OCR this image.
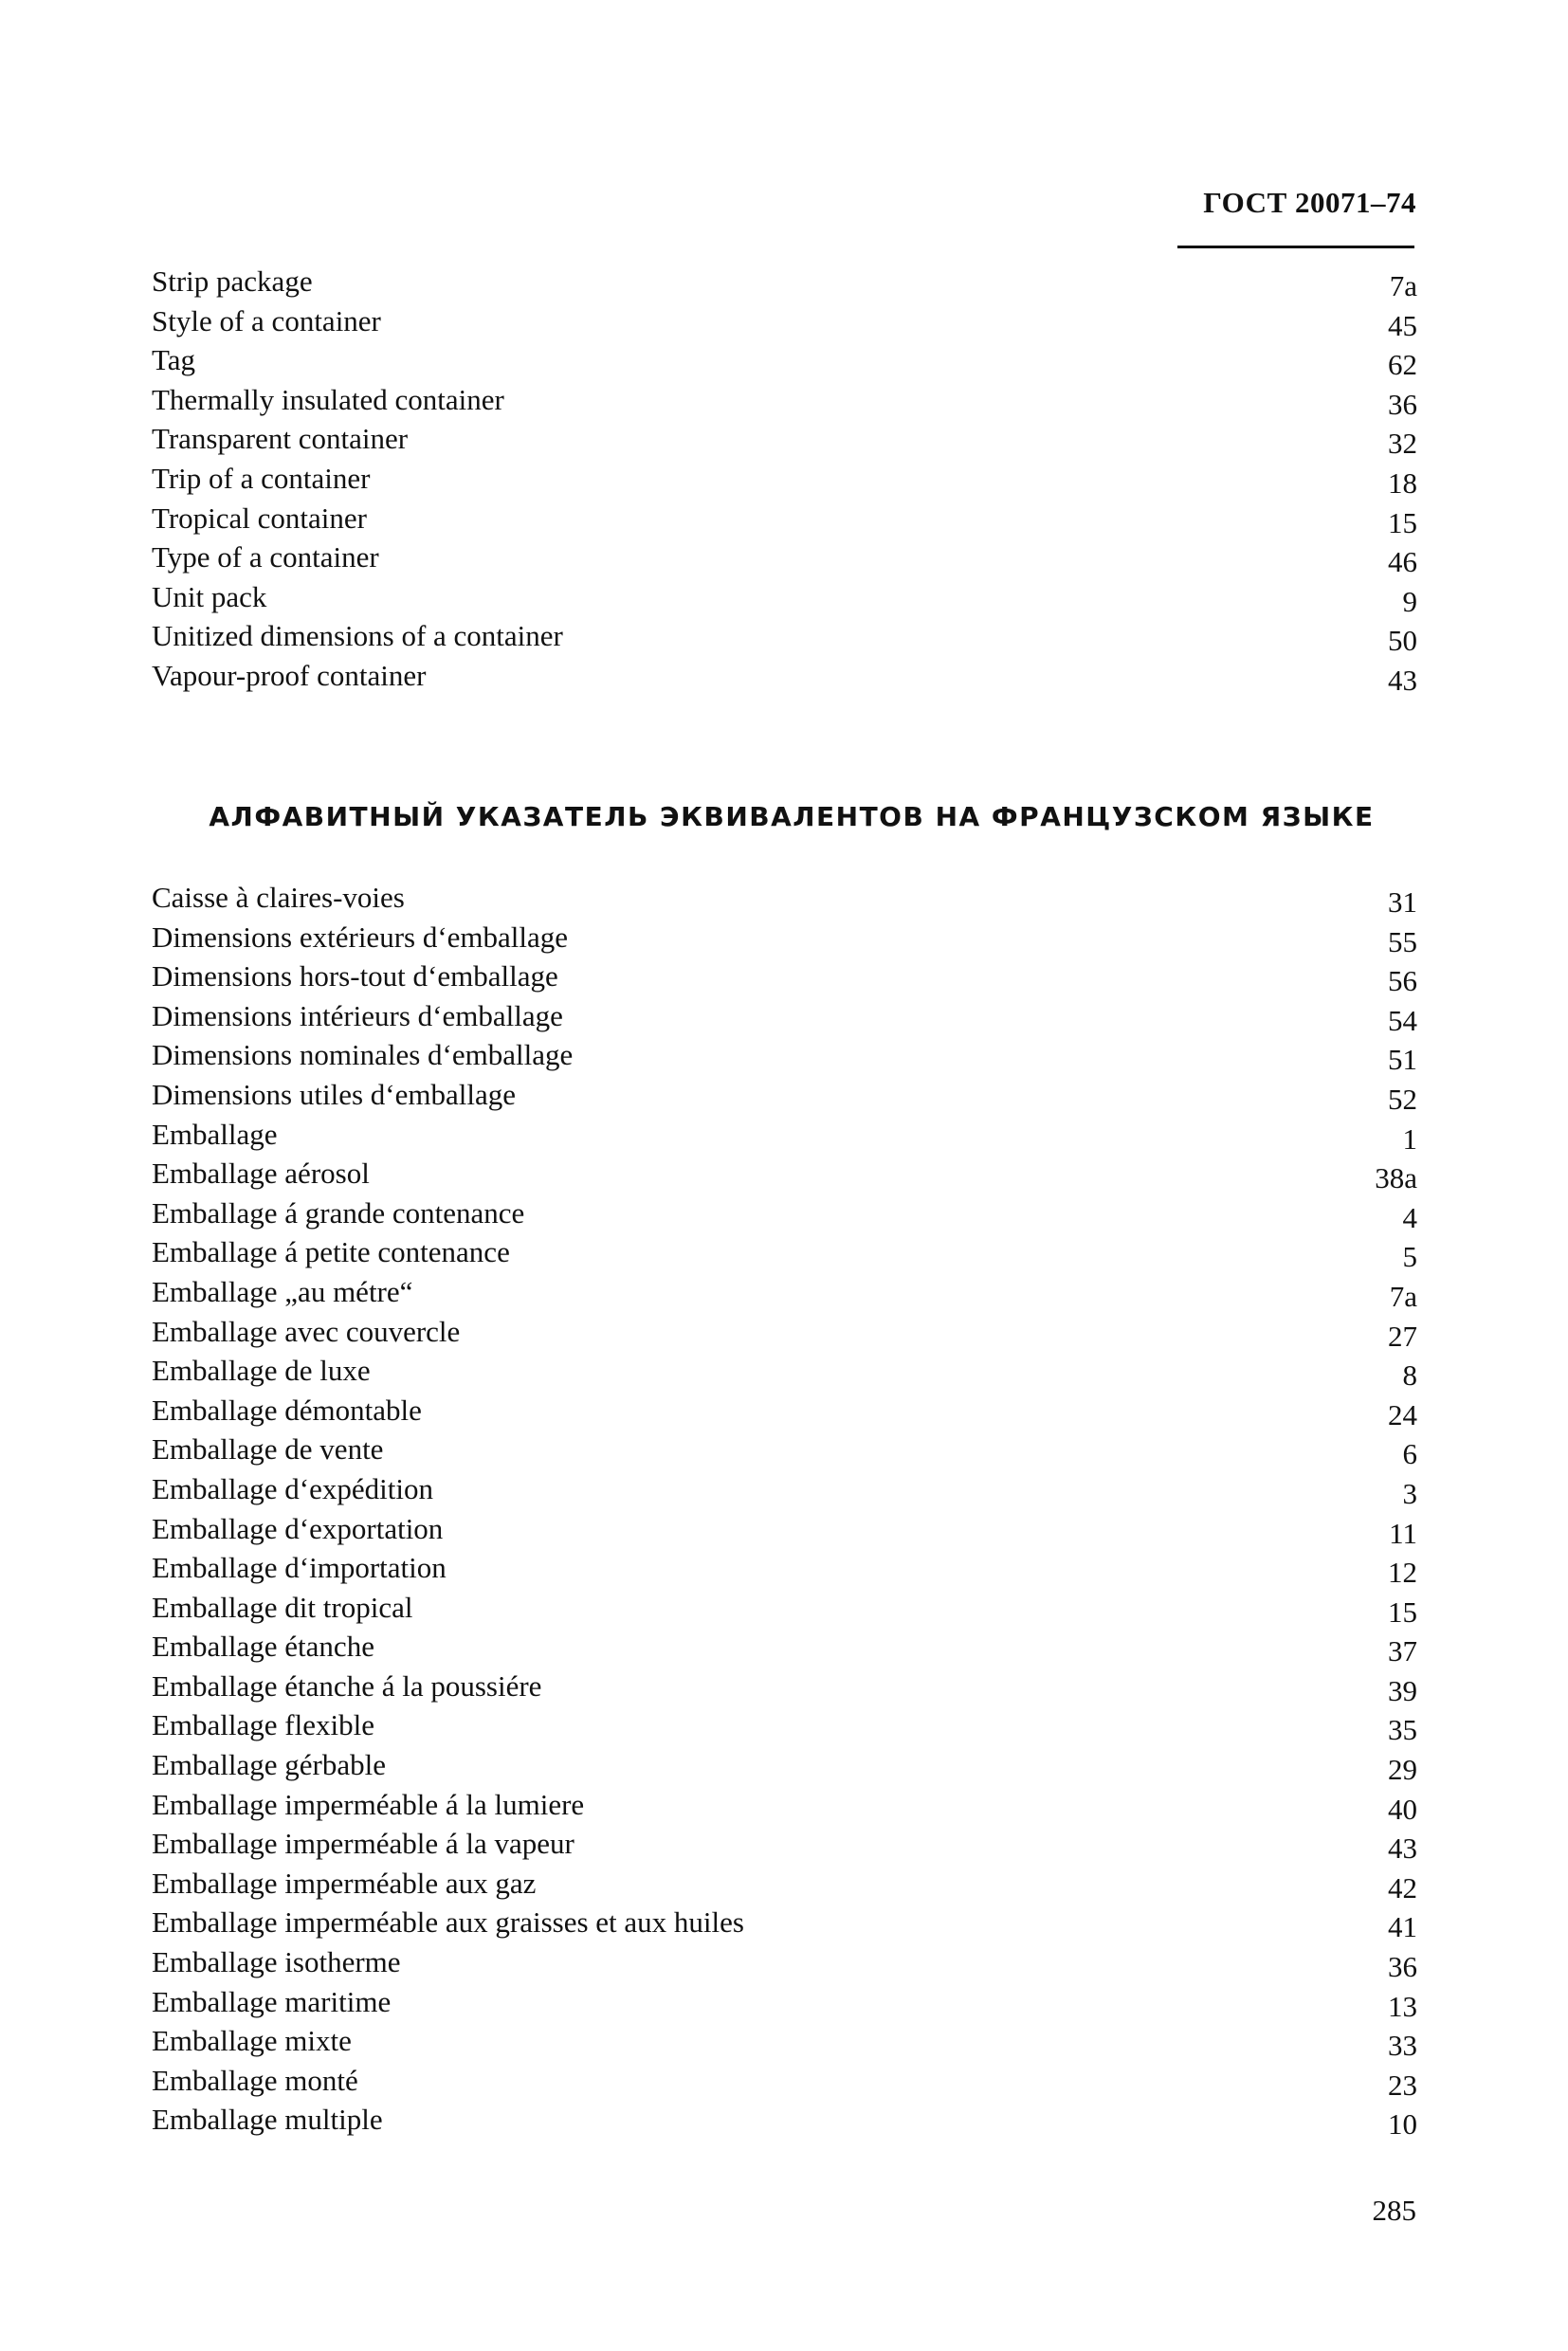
ГОСТ 20071–74
Strip package	7a
Style of a container	45
Tag	62
Thermally insulated container	36
Transparent container	32
Trip of a container	18
Tropical container	15
Type of a container	46
Unit pack	9
Unitized dimensions of a container	50
Vapour-proof container	43
АЛФАВИТНЫЙ УКАЗАТЕЛЬ ЭКВИВАЛЕНТОВ НА ФРАНЦУЗСКОМ ЯЗЫКЕ
Caisse à claires-voies	31
Dimensions extérieurs d‘emballage	55
Dimensions hors-tout d‘emballage	56
Dimensions intérieurs d‘emballage	54
Dimensions nominales d‘emballage	51
Dimensions utiles d‘emballage	52
Emballage	1
Emballage aérosol	38a
Emballage á grande contenance	4
Emballage á petite contenance	5
Emballage „au métre“	7a
Emballage avec couvercle	27
Emballage de luxe	8
Emballage démontable	24
Emballage de vente	6
Emballage d‘expédition	3
Emballage d‘exportation	11
Emballage d‘importation	12
Emballage dit tropical	15
Emballage étanche	37
Emballage étanche á la poussiére	39
Emballage flexible	35
Emballage gérbable	29
Emballage imperméable á la lumiere	40
Emballage imperméable á la vapeur	43
Emballage imperméable aux gaz	42
Emballage imperméable aux graisses et aux huiles	41
Emballage isotherme	36
Emballage maritime	13
Emballage mixte	33
Emballage monté	23
Emballage multiple	10
285
